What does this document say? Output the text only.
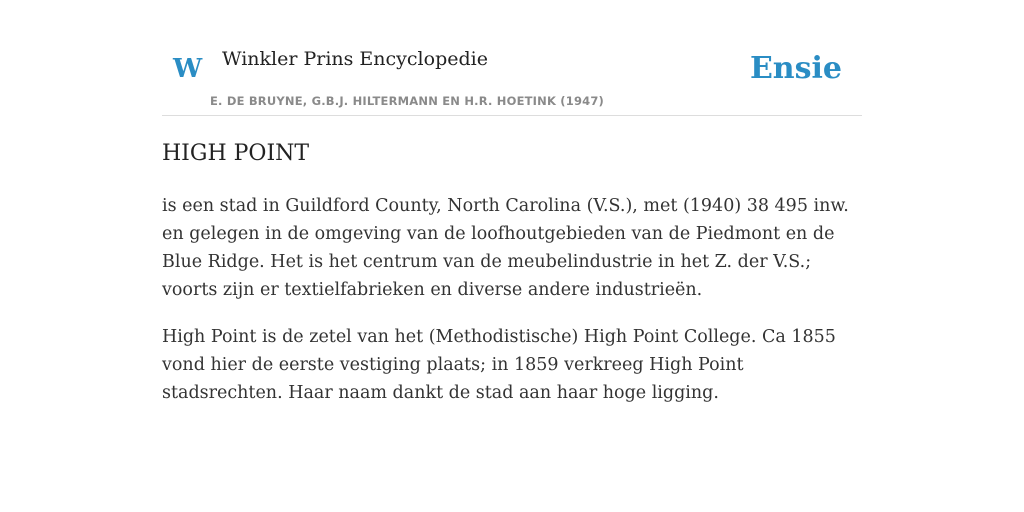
W Winkler Prins Encyclopedie
E. DE BRUYNE, G.B.J. HILTERMANN EN H.R. HOETINK (1947)
Ensie
HIGH POINT

is een stad in Guildford County, North Carolina (V.S.), met (1940) 38 495 inw. en gelegen in de omgeving van de loofhoutgebieden van de Piedmont en de Blue Ridge. Het is het centrum van de meubelindustrie in het Z. der V.S.; voorts zijn er textielfabrieken en diverse andere industrieën.

High Point is de zetel van het (Methodistische) High Point College. Ca 1855 vond hier de eerste vestiging plaats; in 1859 verkreeg High Point stadsrechten. Haar naam dankt de stad aan haar hoge ligging.
